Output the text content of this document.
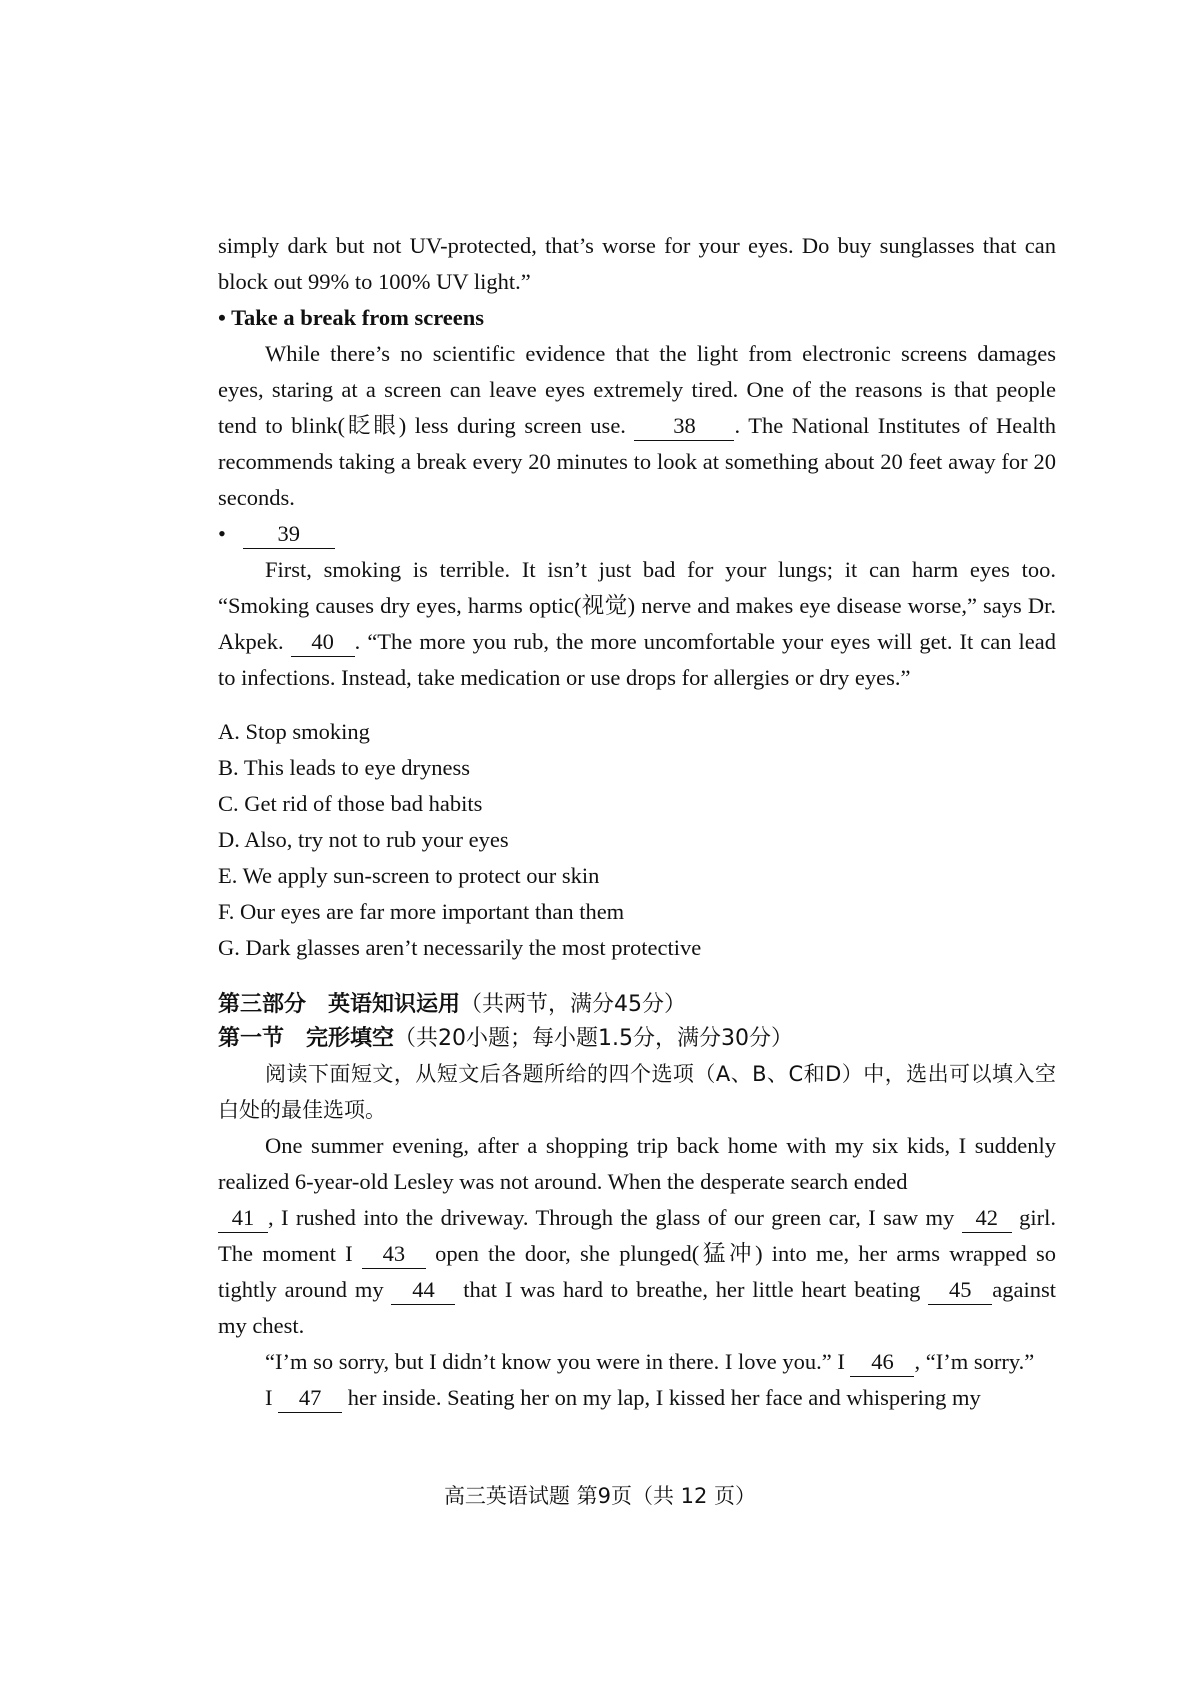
simply dark but not UV-protected, that’s worse for your eyes. Do buy sunglasses that can block out 99% to 100% UV light.”

• Take a break from screens

While there’s no scientific evidence that the light from electronic screens damages eyes, staring at a screen can leave eyes extremely tired. One of the reasons is that people tend to blink(眨眼) less during screen use. 38 . The National Institutes of Health recommends taking a break every 20 minutes to look at something about 20 feet away for 20 seconds.

• 39

First, smoking is terrible. It isn’t just bad for your lungs; it can harm eyes too. “Smoking causes dry eyes, harms optic(视觉) nerve and makes eye disease worse,” says Dr. Akpek. 40 . “The more you rub, the more uncomfortable your eyes will get. It can lead to infections. Instead, take medication or use drops for allergies or dry eyes.”

A. Stop smoking
B. This leads to eye dryness
C. Get rid of those bad habits
D. Also, try not to rub your eyes
E. We apply sun-screen to protect our skin
F. Our eyes are far more important than them
G. Dark glasses aren’t necessarily the most protective
第三部分　英语知识运用（共两节，满分45分）
第一节　完形填空（共20小题；每小题1.5分，满分30分）

阅读下面短文，从短文后各题所给的四个选项（A、B、C和D）中，选出可以填入空白处的最佳选项。

One summer evening, after a shopping trip back home with my six kids, I suddenly realized 6-year-old Lesley was not around. When the desperate search ended
41 , I rushed into the driveway. Through the glass of our green car, I saw my 42 girl. The moment I 43 open the door, she plunged(猛冲) into me, her arms wrapped so tightly around my 44 that I was hard to breathe, her little heart beating 45 against my chest.

“I’m so sorry, but I didn’t know you were in there. I love you.” I 46 , “I’m sorry.”

I 47 her inside. Seating her on my lap, I kissed her face and whispering my

高三英语试题 第9页（共 12 页）
